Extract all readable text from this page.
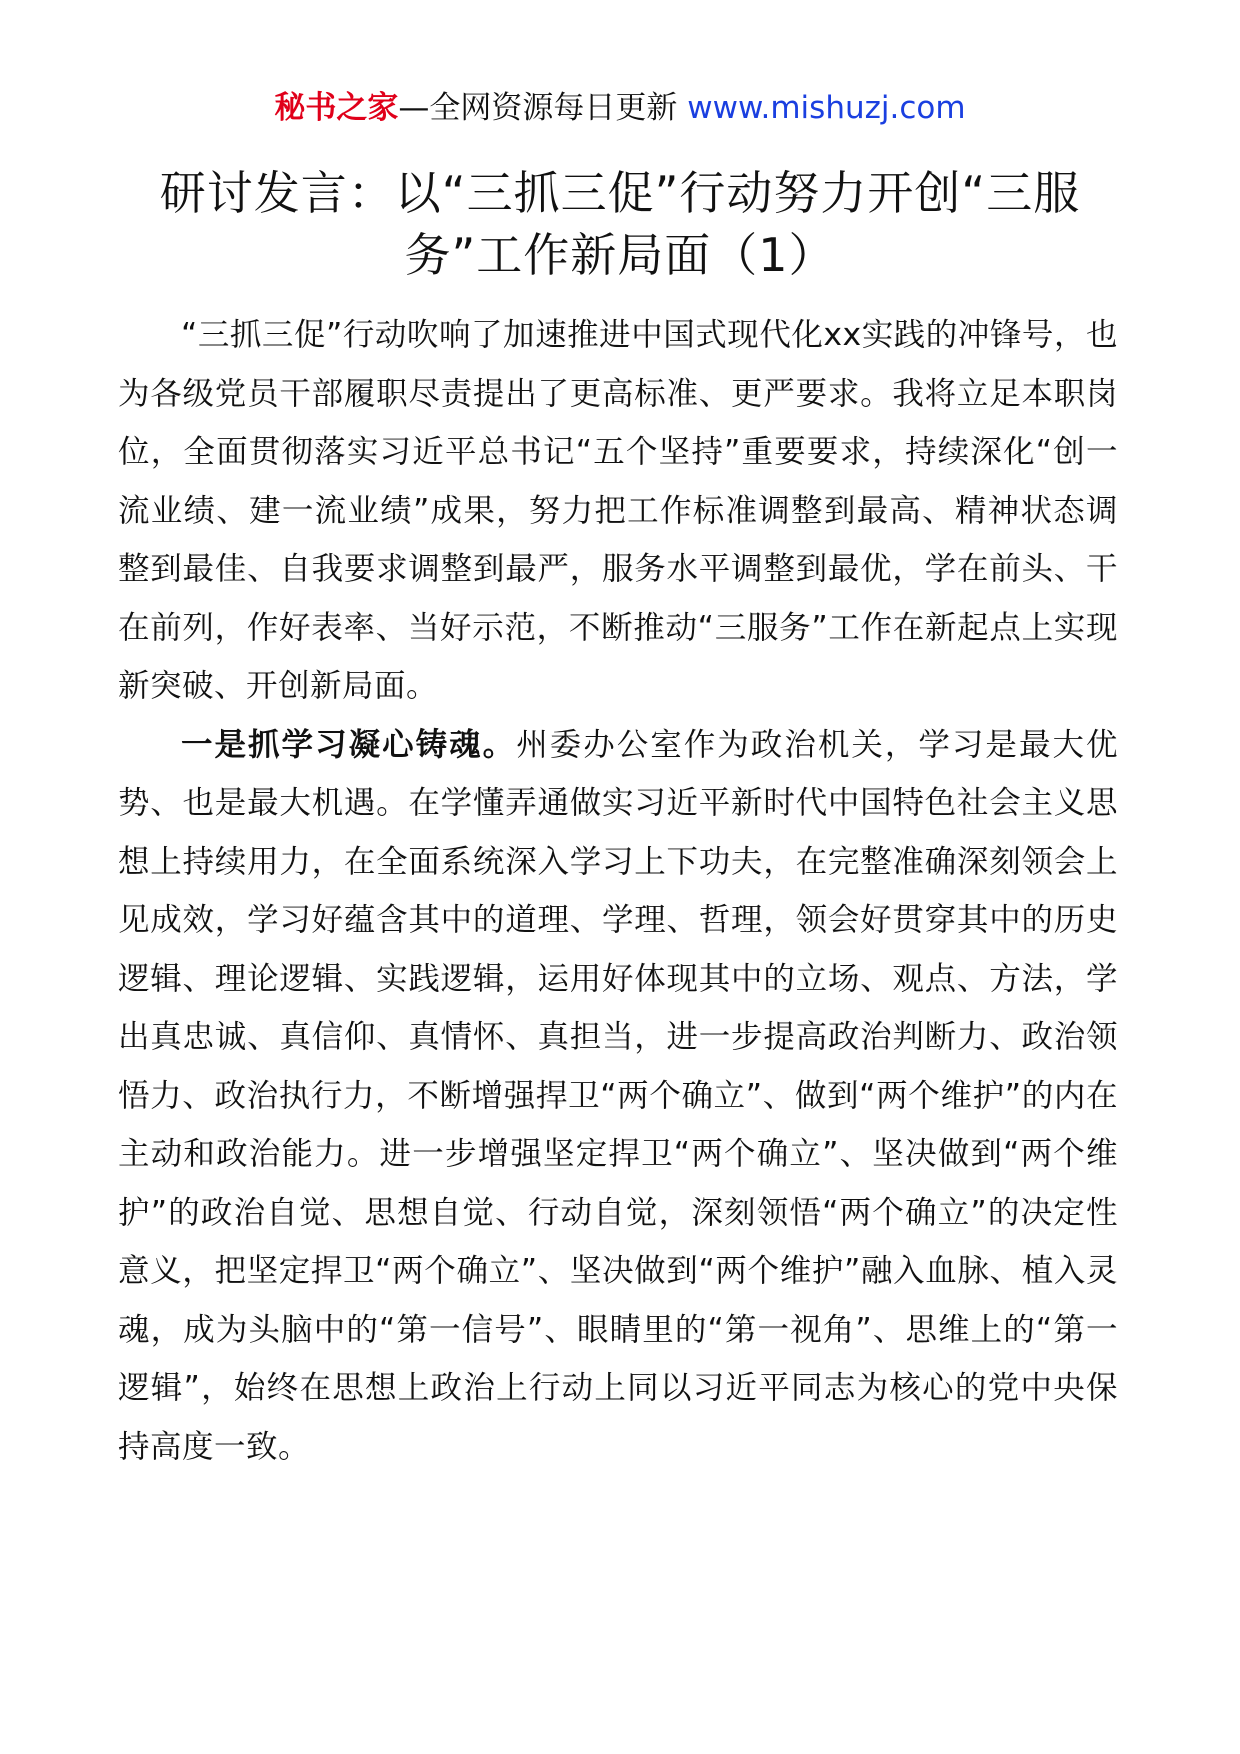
秘书之家—全网资源每日更新 www.mishuzj.com
研讨发言：以“三抓三促”行动努力开创“三服务”工作新局面（1）

“三抓三促”行动吹响了加速推进中国式现代化xx实践的冲锋号，也为各级党员干部履职尽责提出了更高标准、更严要求。我将立足本职岗位，全面贯彻落实习近平总书记“五个坚持”重要要求，持续深化“创一流业绩、建一流业绩”成果，努力把工作标准调整到最高、精神状态调整到最佳、自我要求调整到最严，服务水平调整到最优，学在前头、干在前列，作好表率、当好示范，不断推动“三服务”工作在新起点上实现新突破、开创新局面。

一是抓学习凝心铸魂。州委办公室作为政治机关，学习是最大优势、也是最大机遇。在学懂弄通做实习近平新时代中国特色社会主义思想上持续用力，在全面系统深入学习上下功夫，在完整准确深刻领会上见成效，学习好蕴含其中的道理、学理、哲理，领会好贯穿其中的历史逻辑、理论逻辑、实践逻辑，运用好体现其中的立场、观点、方法，学出真忠诚、真信仰、真情怀、真担当，进一步提高政治判断力、政治领悟力、政治执行力，不断增强捍卫“两个确立”、做到“两个维护”的内在主动和政治能力。进一步增强坚定捍卫“两个确立”、坚决做到“两个维护”的政治自觉、思想自觉、行动自觉，深刻领悟“两个确立”的决定性意义，把坚定捍卫“两个确立”、坚决做到“两个维护”融入血脉、植入灵魂，成为头脑中的“第一信号”、眼睛里的“第一视角”、思维上的“第一逻辑”，始终在思想上政治上行动上同以习近平同志为核心的党中央保持高度一致。
